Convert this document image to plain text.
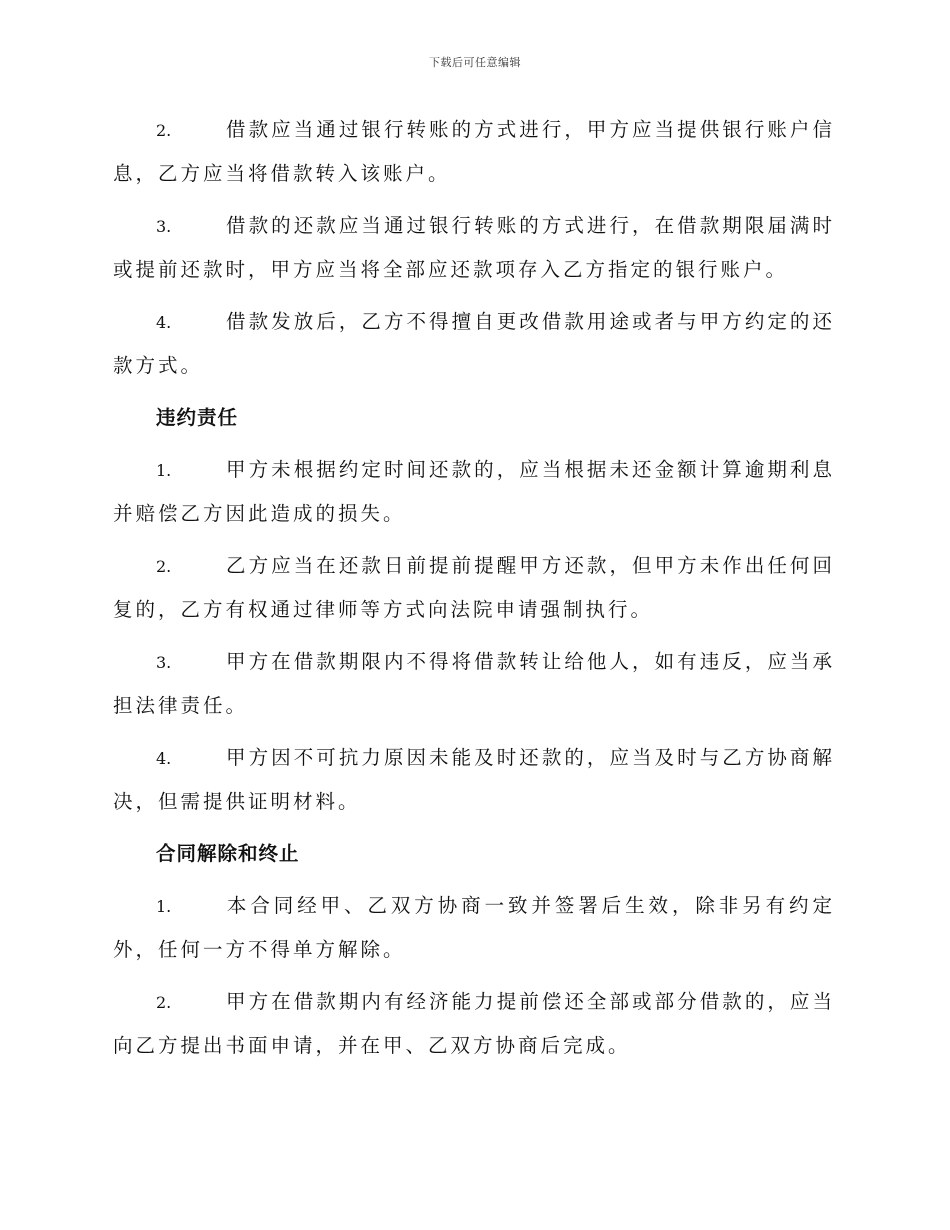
下载后可任意编辑
2.	借款应当通过银行转账的方式进行，甲方应当提供银行账户信息，乙方应当将借款转入该账户。
3.	借款的还款应当通过银行转账的方式进行，在借款期限届满时或提前还款时，甲方应当将全部应还款项存入乙方指定的银行账户。
4.	借款发放后，乙方不得擅自更改借款用途或者与甲方约定的还款方式。
违约责任
1.	甲方未根据约定时间还款的，应当根据未还金额计算逾期利息并赔偿乙方因此造成的损失。
2.	乙方应当在还款日前提前提醒甲方还款，但甲方未作出任何回复的，乙方有权通过律师等方式向法院申请强制执行。
3.	甲方在借款期限内不得将借款转让给他人，如有违反，应当承担法律责任。
4.	甲方因不可抗力原因未能及时还款的，应当及时与乙方协商解决，但需提供证明材料。
合同解除和终止
1.	本合同经甲、乙双方协商一致并签署后生效，除非另有约定外，任何一方不得单方解除。
2.	甲方在借款期内有经济能力提前偿还全部或部分借款的，应当向乙方提出书面申请，并在甲、乙双方协商后完成。
